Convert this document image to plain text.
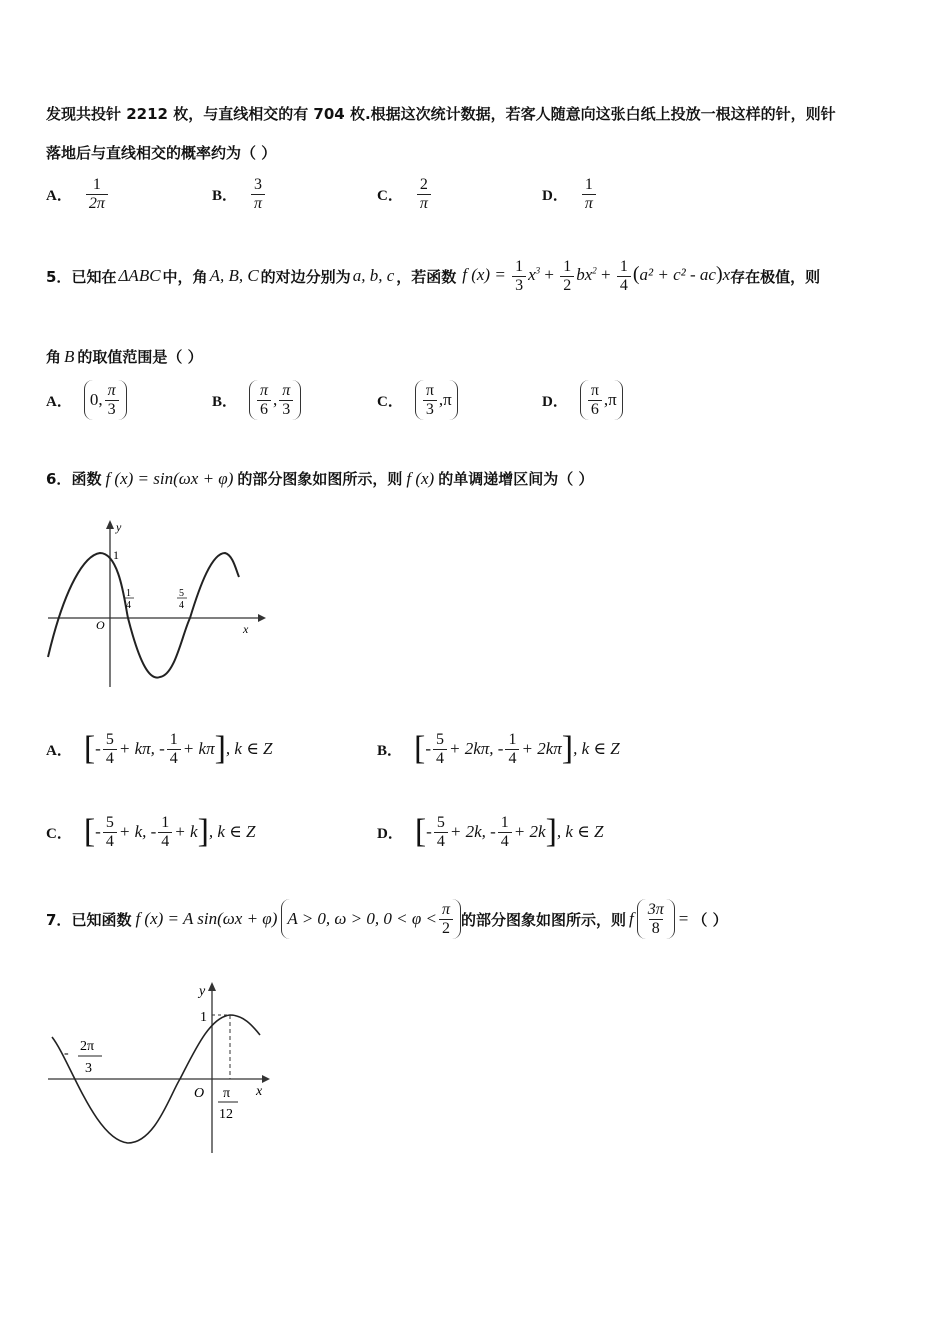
发现共投针 2212 枚，与直线相交的有 704 枚.根据这次统计数据，若客人随意向这张白纸上投放一根这样的针，则针
落地后与直线相交的概率约为（ ）
A． $\frac{1}{2\pi}$	B． $\frac{3}{\pi}$	C． $\frac{2}{\pi}$	D． $\frac{1}{\pi}$
5． 已知在 ΔABC 中，角 A, B, C 的对边分别为 a, b, c ，若函数 f $(x) = \frac{1}{3} x^3 + \frac{1}{2} bx^2 + \frac{1}{4} (a^2 + c^2 - ac)x$ 存在极值，则
角 B 的取值范围是（ ）
A． 0, $\frac{\pi}{3}$	B． $\frac{\pi}{6}$ , $\frac{\pi}{3}$	C． $\frac{\pi}{3} ,\pi$	D． $\frac{\pi}{6} ,\pi$
6． 函数 f (x) = sin(ωx + φ) 的部分图象如图所示，则 f (x) 的单调递增区间为（ ）
y
x
O
1
1
4
5
4
A． [ - $\frac{5}{4} + k\pi$, - $\frac{1}{4} + k\pi$ ] , k ∈ Z	B． [ - $\frac{5}{4} + 2k\pi$, - $\frac{1}{4} + 2k\pi$ ] , k ∈ Z
C． [ - $\frac{5}{4} + k$, - $\frac{1}{4} + k$ ] , k ∈ Z	D． [ - $\frac{5}{4} + 2k$, - $\frac{1}{4} + 2k$ ] , k ∈ Z
7． 已知函数 f (x) = A sin(ωx + φ) A > 0, ω > 0, $0 < \varphi < \frac{\pi}{2}$ 的部分图象如图所示，则 f $\frac{3\pi}{8}$ = （ ）
y
x
O
1
- 2π
3
π
12
